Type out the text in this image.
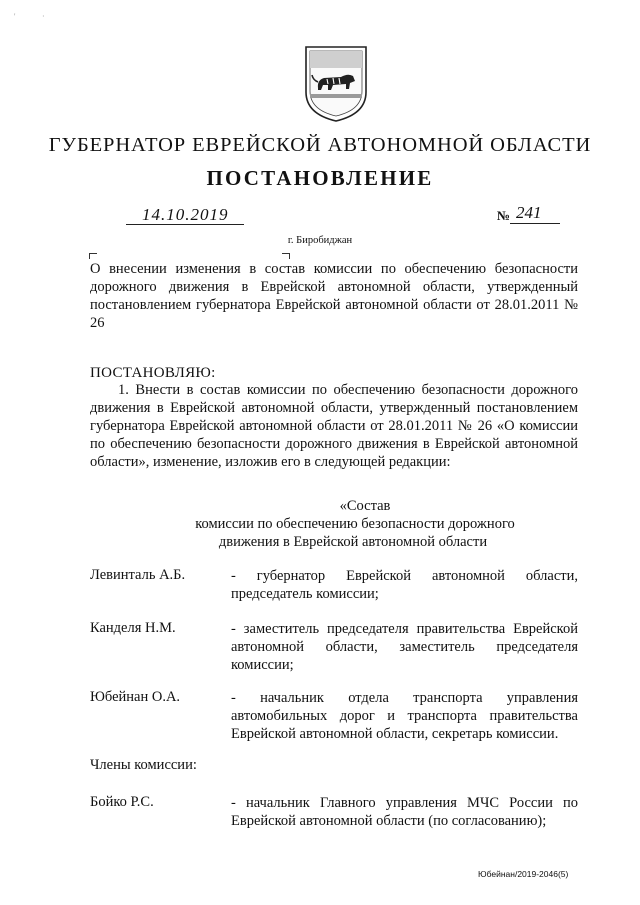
'	·
ГУБЕРНАТОР ЕВРЕЙСКОЙ АВТОНОМНОЙ ОБЛАСТИ
ПОСТАНОВЛЕНИЕ
14.10.2019	№ 241
г. Биробиджан
О внесении изменения в состав комиссии по обеспечению безопасности дорожного движения в Еврейской автономной области, утвержденный постановлением губернатора Еврейской автономной области от 28.01.2011 № 26
ПОСТАНОВЛЯЮ:
1. Внести в состав комиссии по обеспечению безопасности дорожного движения в Еврейской автономной области, утвержденный постановлением губернатора Еврейской автономной области от 28.01.2011 № 26 «О комиссии по обеспечению безопасности дорожного движения в Еврейской автономной области», изменение, изложив его в следующей редакции:
«Состав
комиссии по обеспечению безопасности дорожного
движения в Еврейской автономной области
Левинталь А.Б.	- губернатор Еврейской автономной области, председатель комиссии;
Канделя Н.М.	- заместитель председателя правительства Еврейской автономной области, заместитель председателя комиссии;
Юбейнан О.А.	- начальник отдела транспорта управления автомобильных дорог и транспорта правительства Еврейской автономной области, секретарь комиссии.
Члены комиссии:
Бойко Р.С.	- начальник Главного управления МЧС России по Еврейской автономной области (по согласованию);
Юбейнан/2019-2046(5)
